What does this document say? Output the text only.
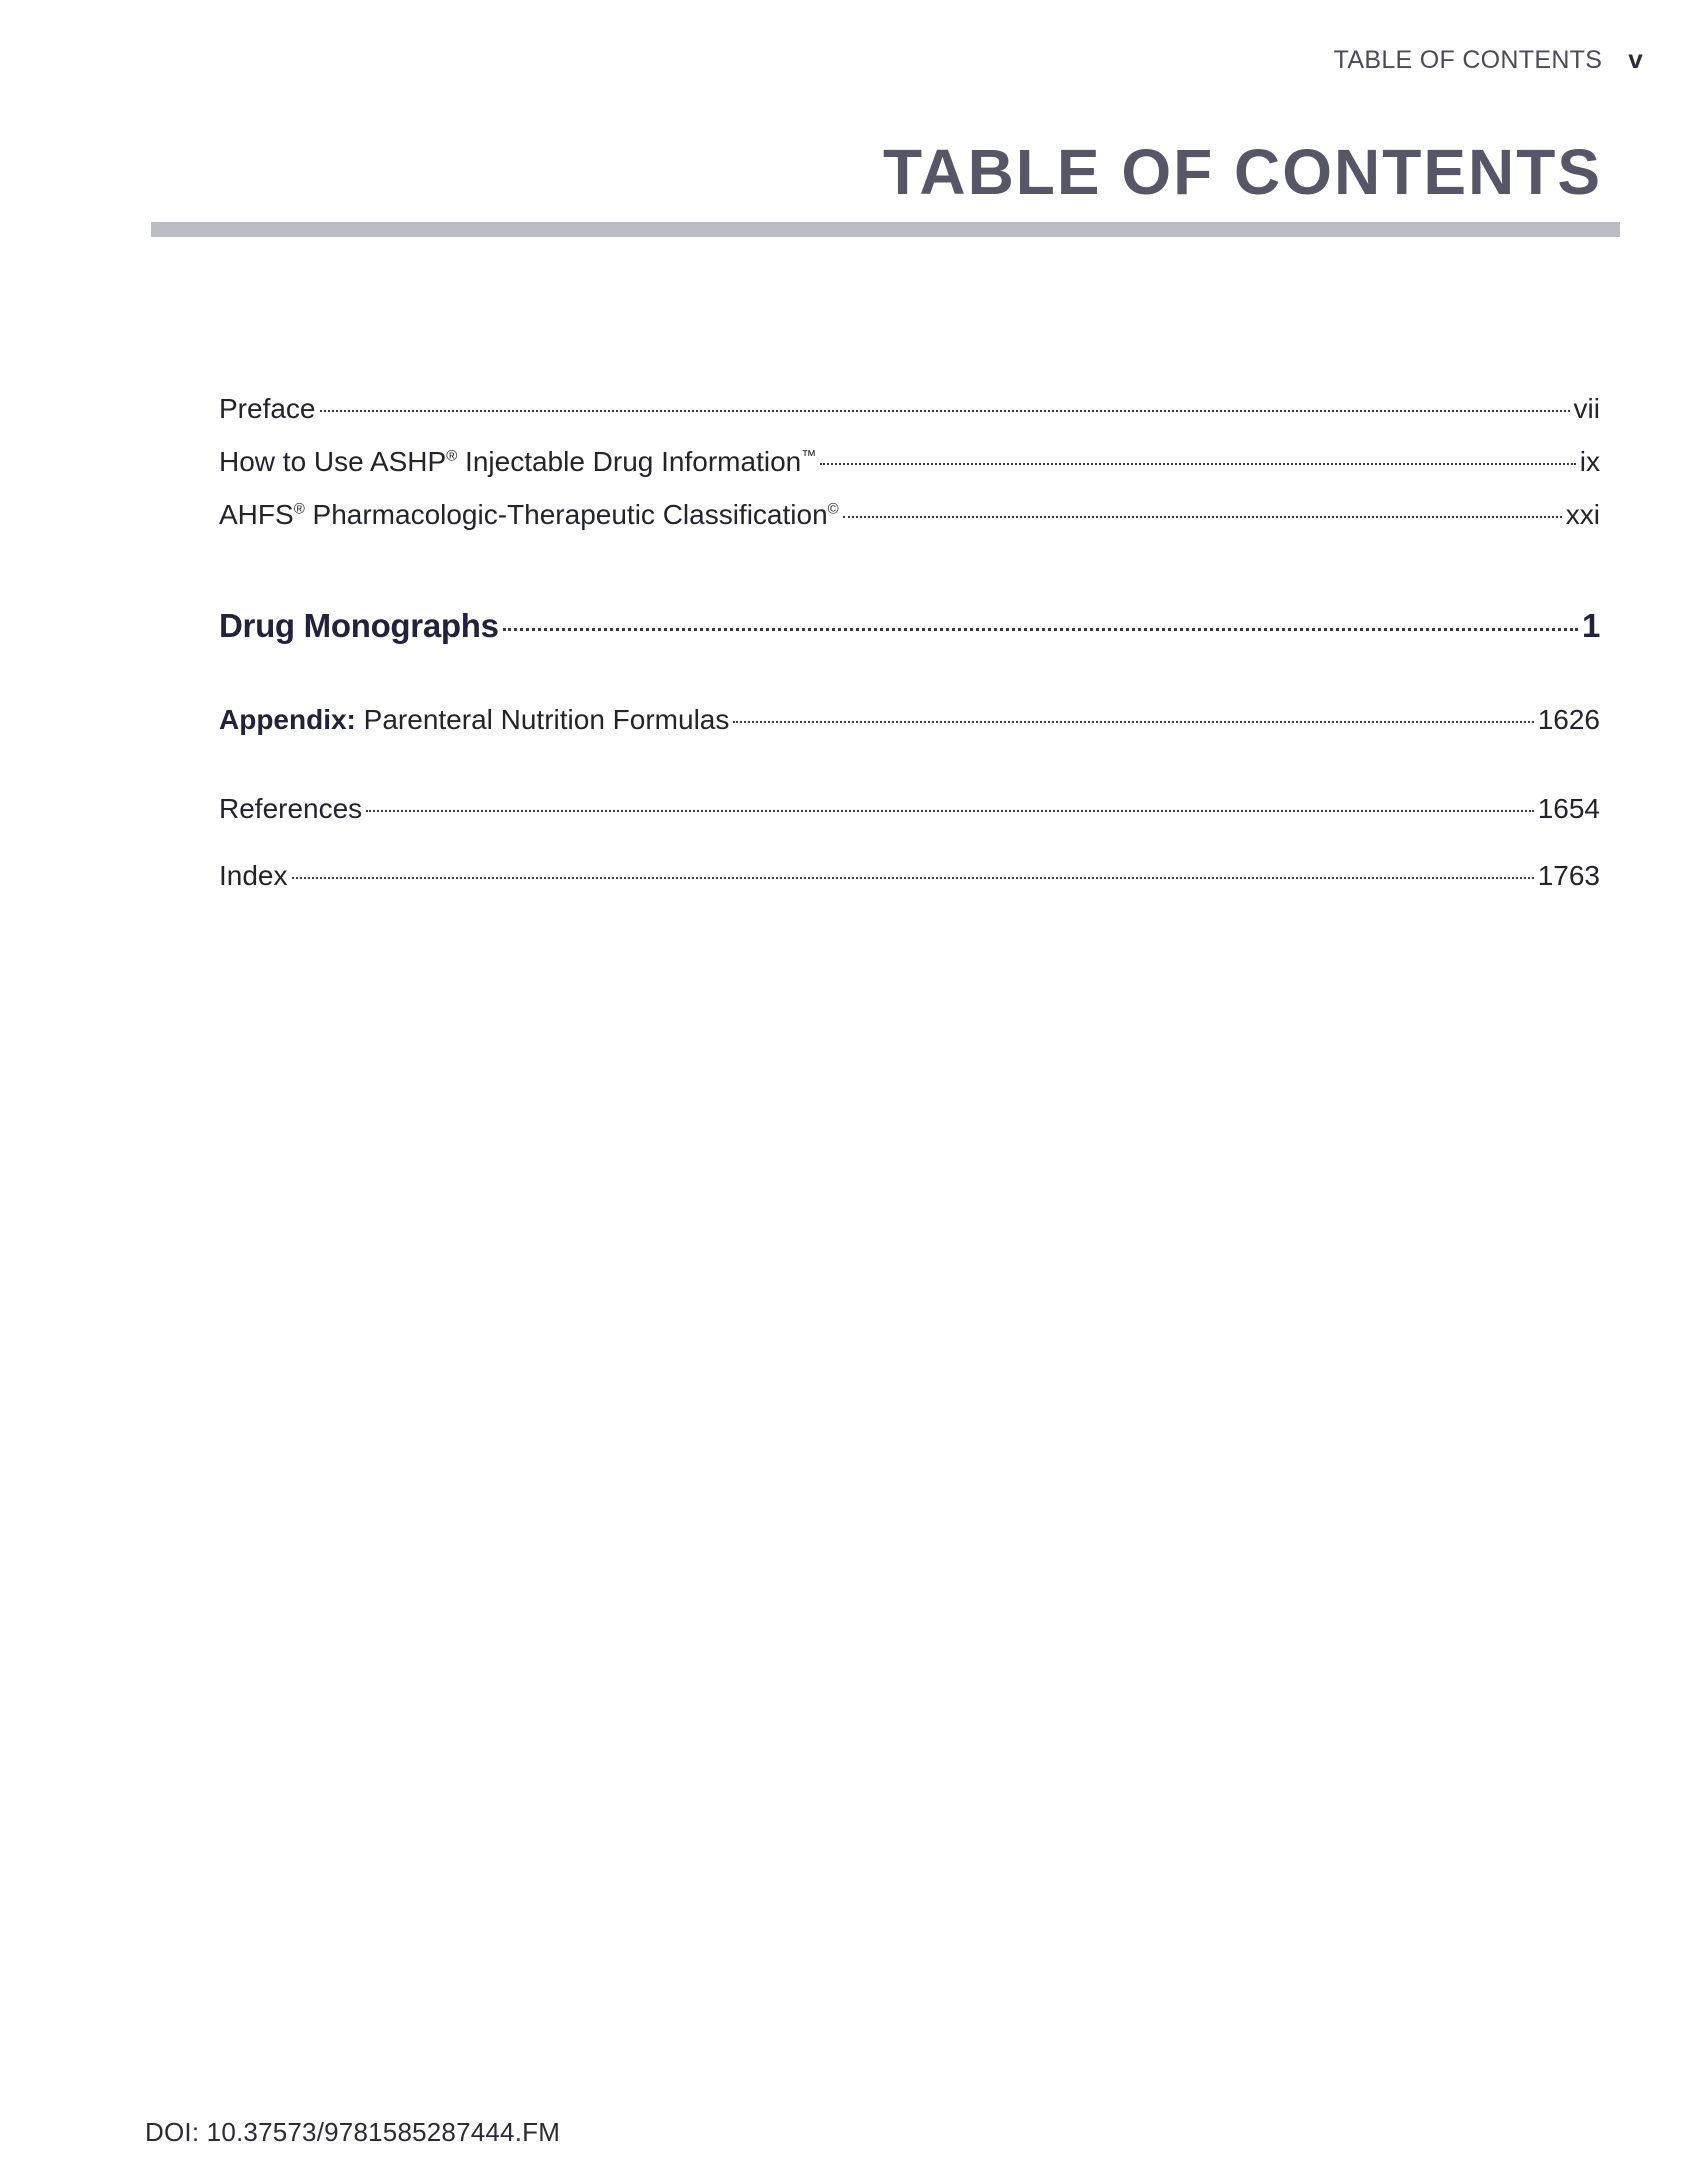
TABLE OF CONTENTS v
TABLE OF CONTENTS
Preface	vii
How to Use ASHP® Injectable Drug Information™	ix
AHFS® Pharmacologic-Therapeutic Classification©	xxi
Drug Monographs	1
Appendix: Parenteral Nutrition Formulas	1626
References	1654
Index	1763
DOI: 10.37573/9781585287444.FM
